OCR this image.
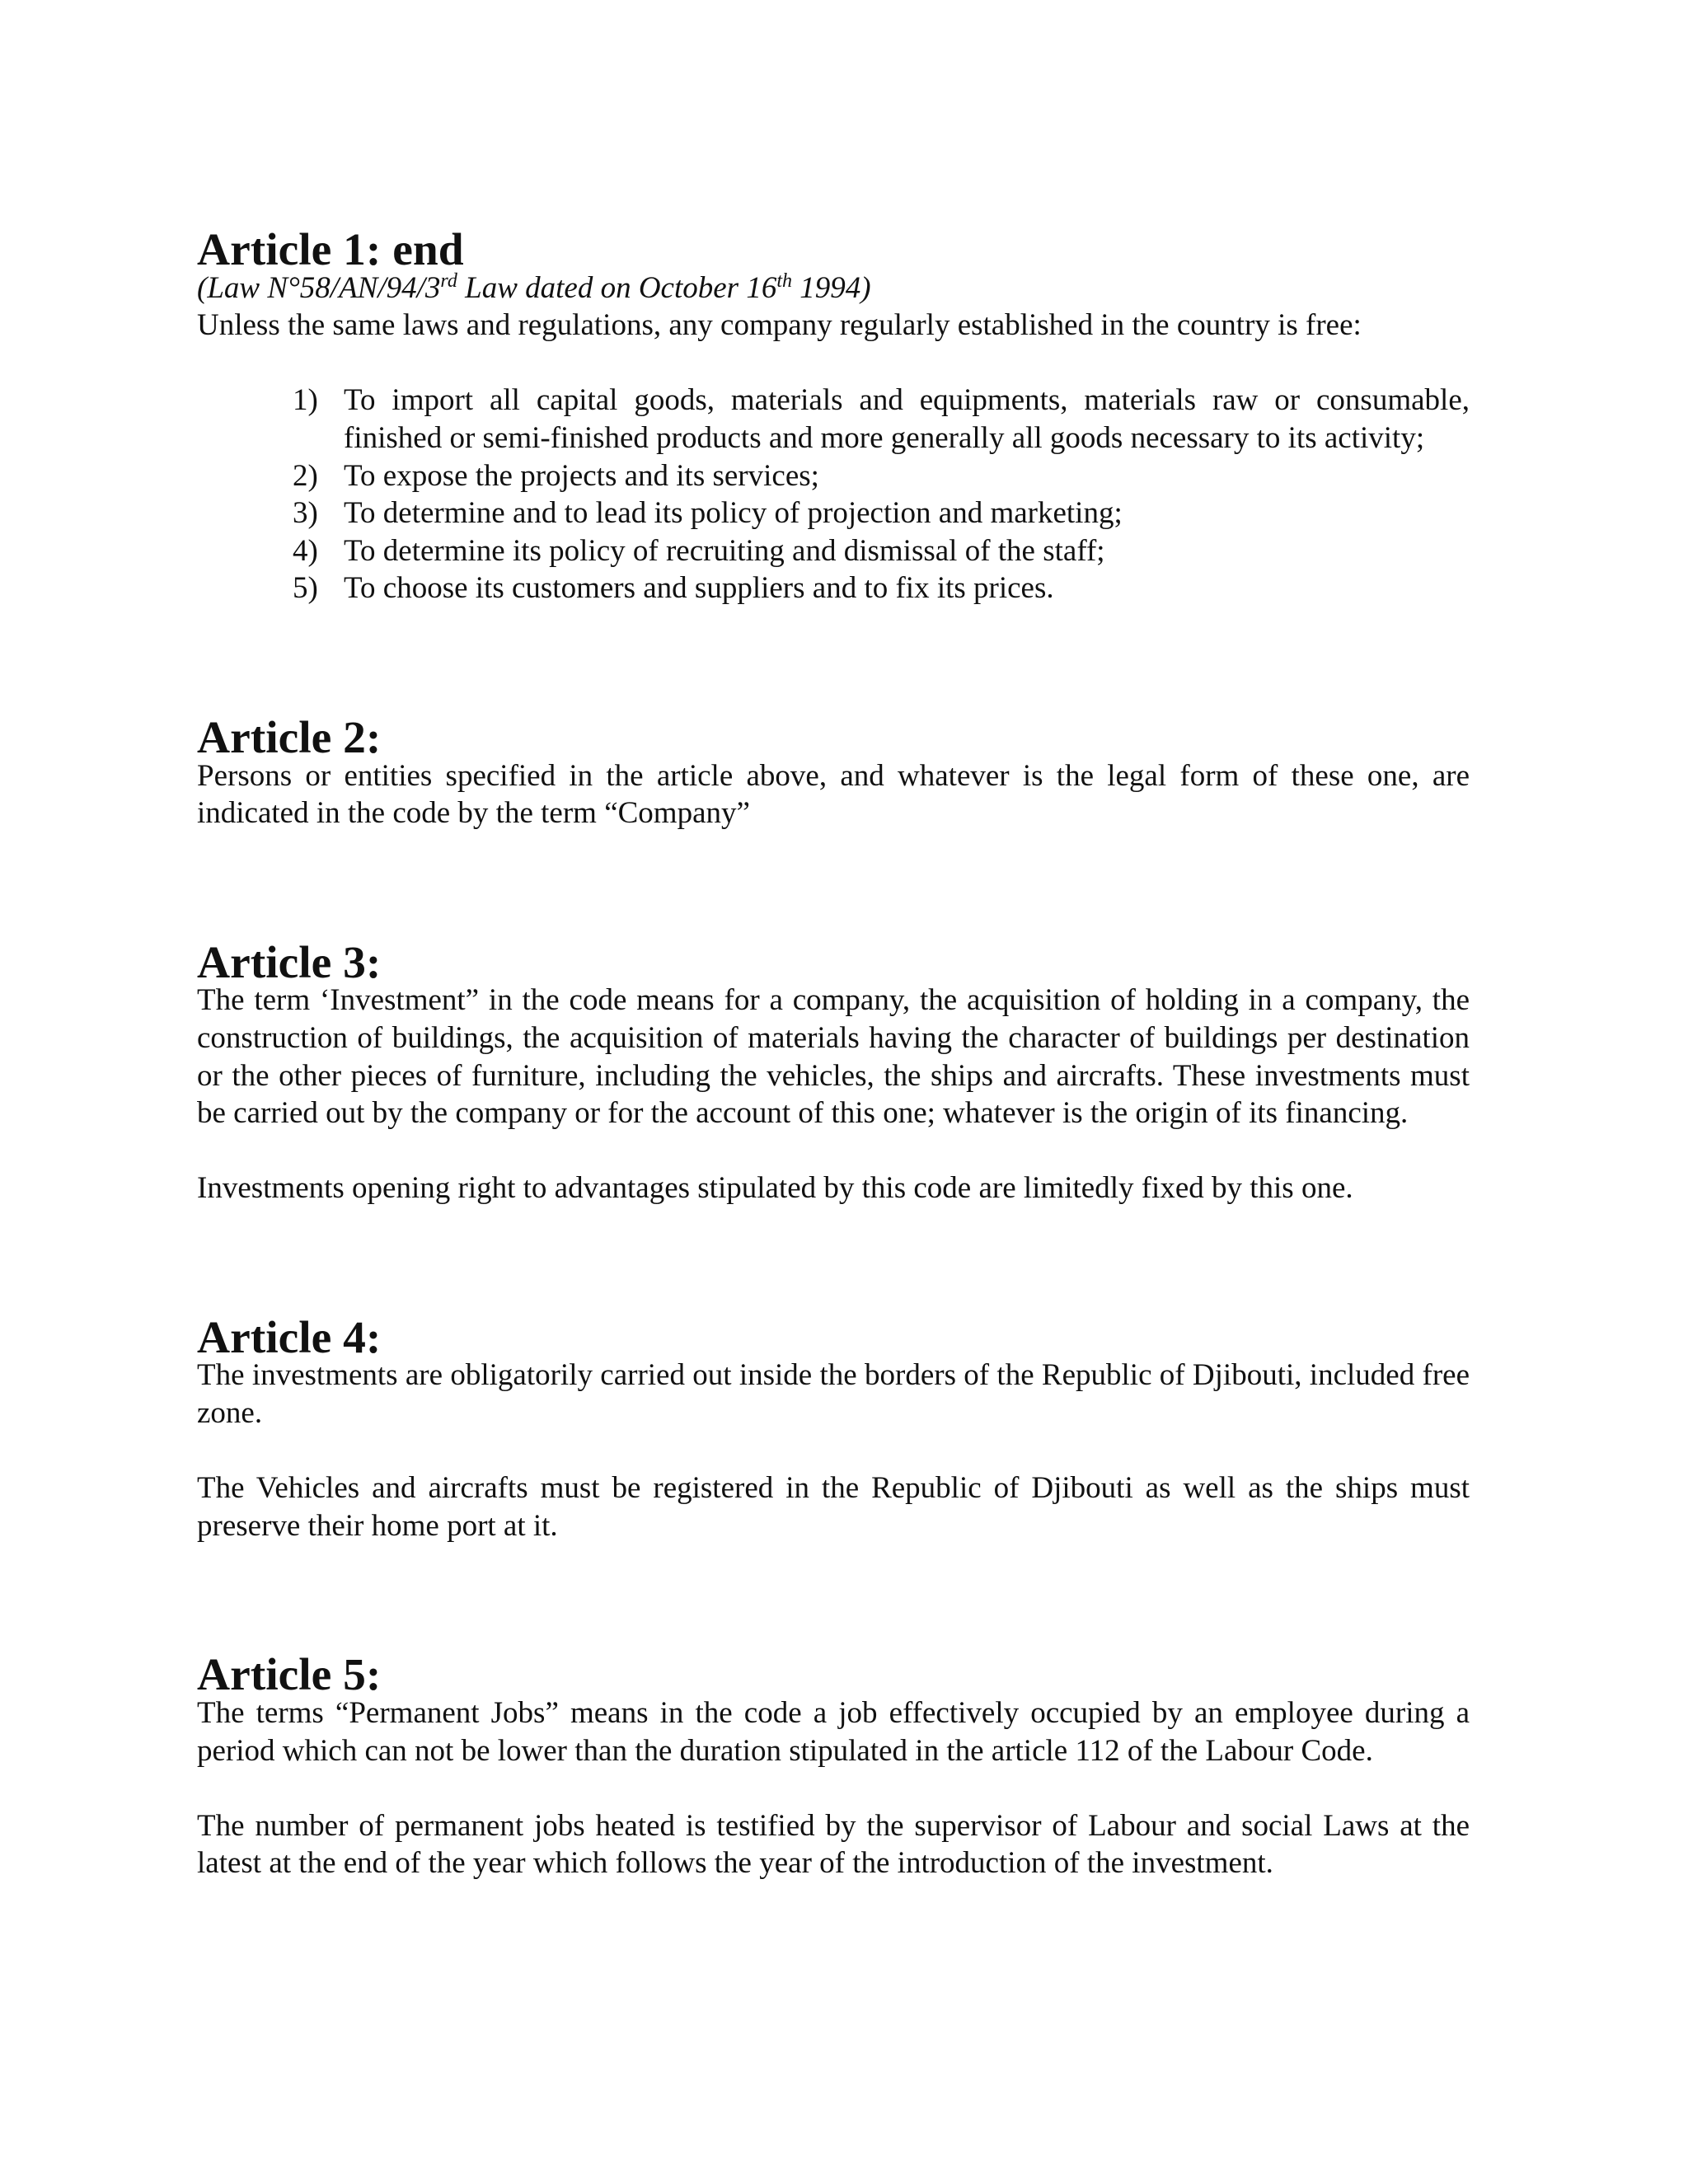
Article 1: end

(Law N°58/AN/94/3rd Law dated on October 16th 1994)

Unless the same laws and regulations, any company regularly established in the country is free:

1) To import all capital goods, materials and equipments, materials raw or consumable, finished or semi-finished products and more generally all goods necessary to its activity;
2) To expose the projects and its services;
3) To determine and to lead its policy of projection and marketing;
4) To determine its policy of recruiting and dismissal of the staff;
5) To choose its customers and suppliers and to fix its prices.
Article 2:

Persons or entities specified in the article above, and whatever is the legal form of these one, are indicated in the code by the term “Company”

Article 3:

The term ‘Investment” in the code means for a company, the acquisition of holding in a company, the construction of buildings, the acquisition of materials having the character of buildings per destination or the other pieces of furniture, including the vehicles, the ships and aircrafts. These investments must be carried out by the company or for the account of this one; whatever is the origin of its financing.

Investments opening right to advantages stipulated by this code are limitedly fixed by this one.

Article 4:

The investments are obligatorily carried out inside the borders of the Republic of Djibouti, included free zone.

The Vehicles and aircrafts must be registered in the Republic of Djibouti as well as the ships must preserve their home port at it.

Article 5:

The terms “Permanent Jobs” means in the code a job effectively occupied by an employee during a period which can not be lower than the duration stipulated in the article 112 of the Labour Code.

The number of permanent jobs heated is testified by the supervisor of Labour and social Laws at the latest at the end of the year which follows the year of the introduction of the investment.
